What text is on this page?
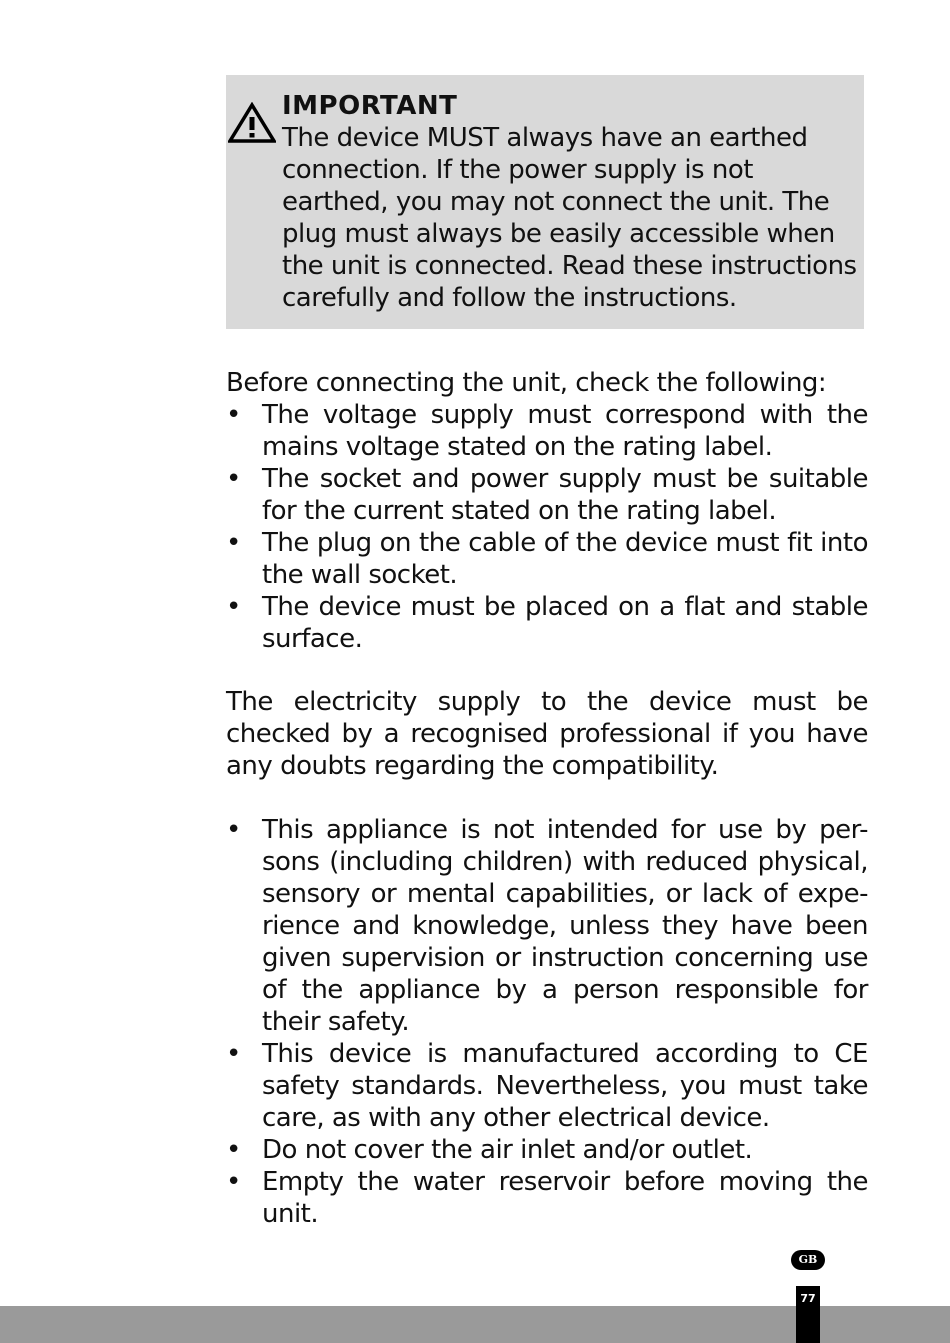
IMPORTANT
The device MUST always have an earthed connection. If the power supply is not earthed, you may not connect the unit. The plug must always be easily accessible when the unit is connected. Read these instructions carefully and follow the instructions.
Before connecting the unit, check the following:
• The voltage supply must correspond with the mains voltage stated on the rating label.
• The socket and power supply must be suitable for the current stated on the rating label.
• The plug on the cable of the device must fit into the wall socket.
• The device must be placed on a flat and stable surface.
The electricity supply to the device must be checked by a recognised professional if you have any doubts regarding the compatibility.
• This appliance is not intended for use by per-sons (including children) with reduced physical, sensory or mental capabilities, or lack of expe-rience and knowledge, unless they have been given supervision or instruction concerning use of the appliance by a person responsible for their safety.
• This device is manufactured according to CE safety standards. Nevertheless, you must take care, as with any other electrical device.
• Do not cover the air inlet and/or outlet.
• Empty the water reservoir before moving the unit.
GB
77
